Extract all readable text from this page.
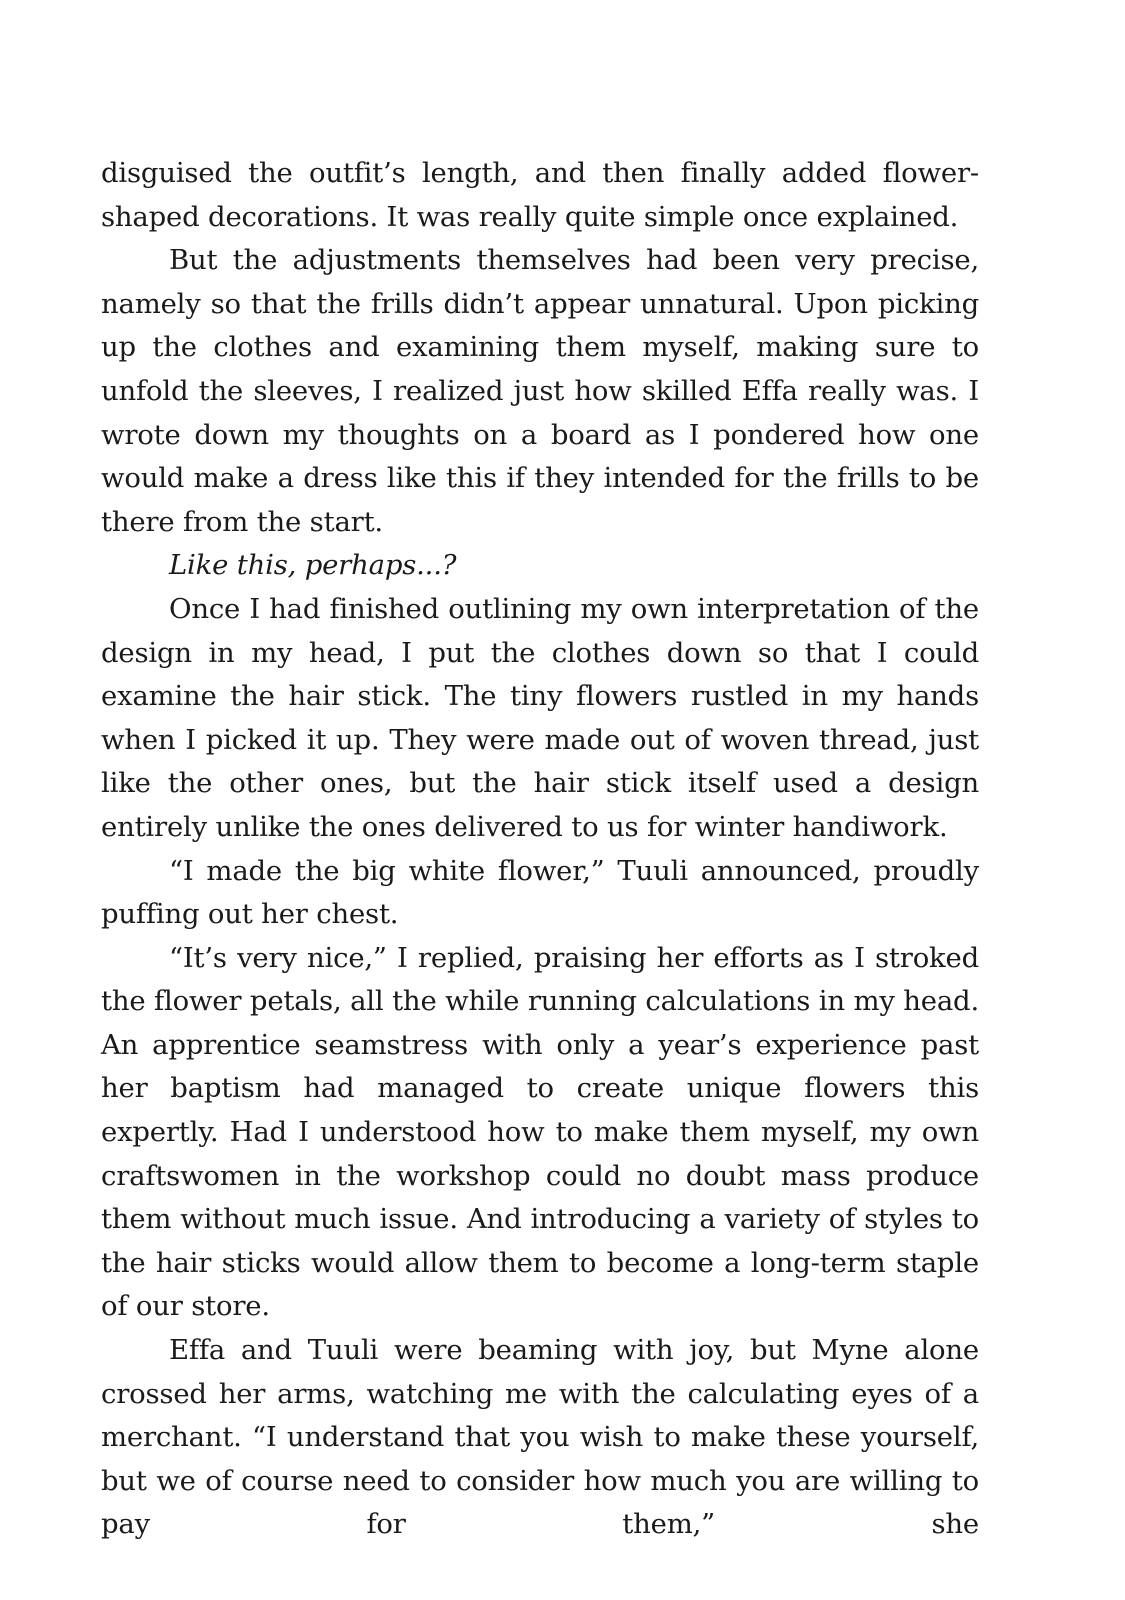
disguised the outfit’s length, and then finally added flower-shaped decorations. It was really quite simple once explained.

But the adjustments themselves had been very precise, namely so that the frills didn’t appear unnatural. Upon picking up the clothes and examining them myself, making sure to unfold the sleeves, I realized just how skilled Effa really was. I wrote down my thoughts on a board as I pondered how one would make a dress like this if they intended for the frills to be there from the start.

Like this, perhaps...?

Once I had finished outlining my own interpretation of the design in my head, I put the clothes down so that I could examine the hair stick. The tiny flowers rustled in my hands when I picked it up. They were made out of woven thread, just like the other ones, but the hair stick itself used a design entirely unlike the ones delivered to us for winter handiwork.

“I made the big white flower,” Tuuli announced, proudly puffing out her chest.

“It’s very nice,” I replied, praising her efforts as I stroked the flower petals, all the while running calculations in my head. An apprentice seamstress with only a year’s experience past her baptism had managed to create unique flowers this expertly. Had I understood how to make them myself, my own craftswomen in the workshop could no doubt mass produce them without much issue. And introducing a variety of styles to the hair sticks would allow them to become a long-term staple of our store.

Effa and Tuuli were beaming with joy, but Myne alone crossed her arms, watching me with the calculating eyes of a merchant. “I understand that you wish to make these yourself, but we of course need to consider how much you are willing to pay for them,” she
